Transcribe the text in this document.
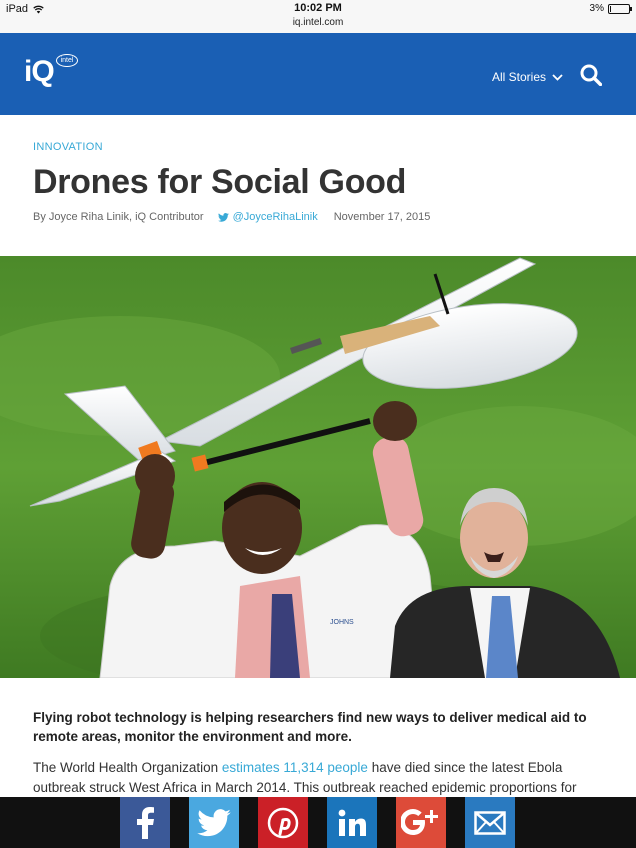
iPad	10:02 PM
iq.intel.com
3%
iQ intel
All Stories
INNOVATION
Drones for Social Good
By Joyce Riha Linik, iQ Contributor	@JoyceRihaLinik November 17, 2015
JOHNS
Flying robot technology is helping researchers find new ways to deliver medical aid to remote areas, monitor the environment and more.
The World Health Organization estimates 11,314 people have died since the latest Ebola outbreak struck West Africa in March 2014. This outbreak reached epidemic proportions for
